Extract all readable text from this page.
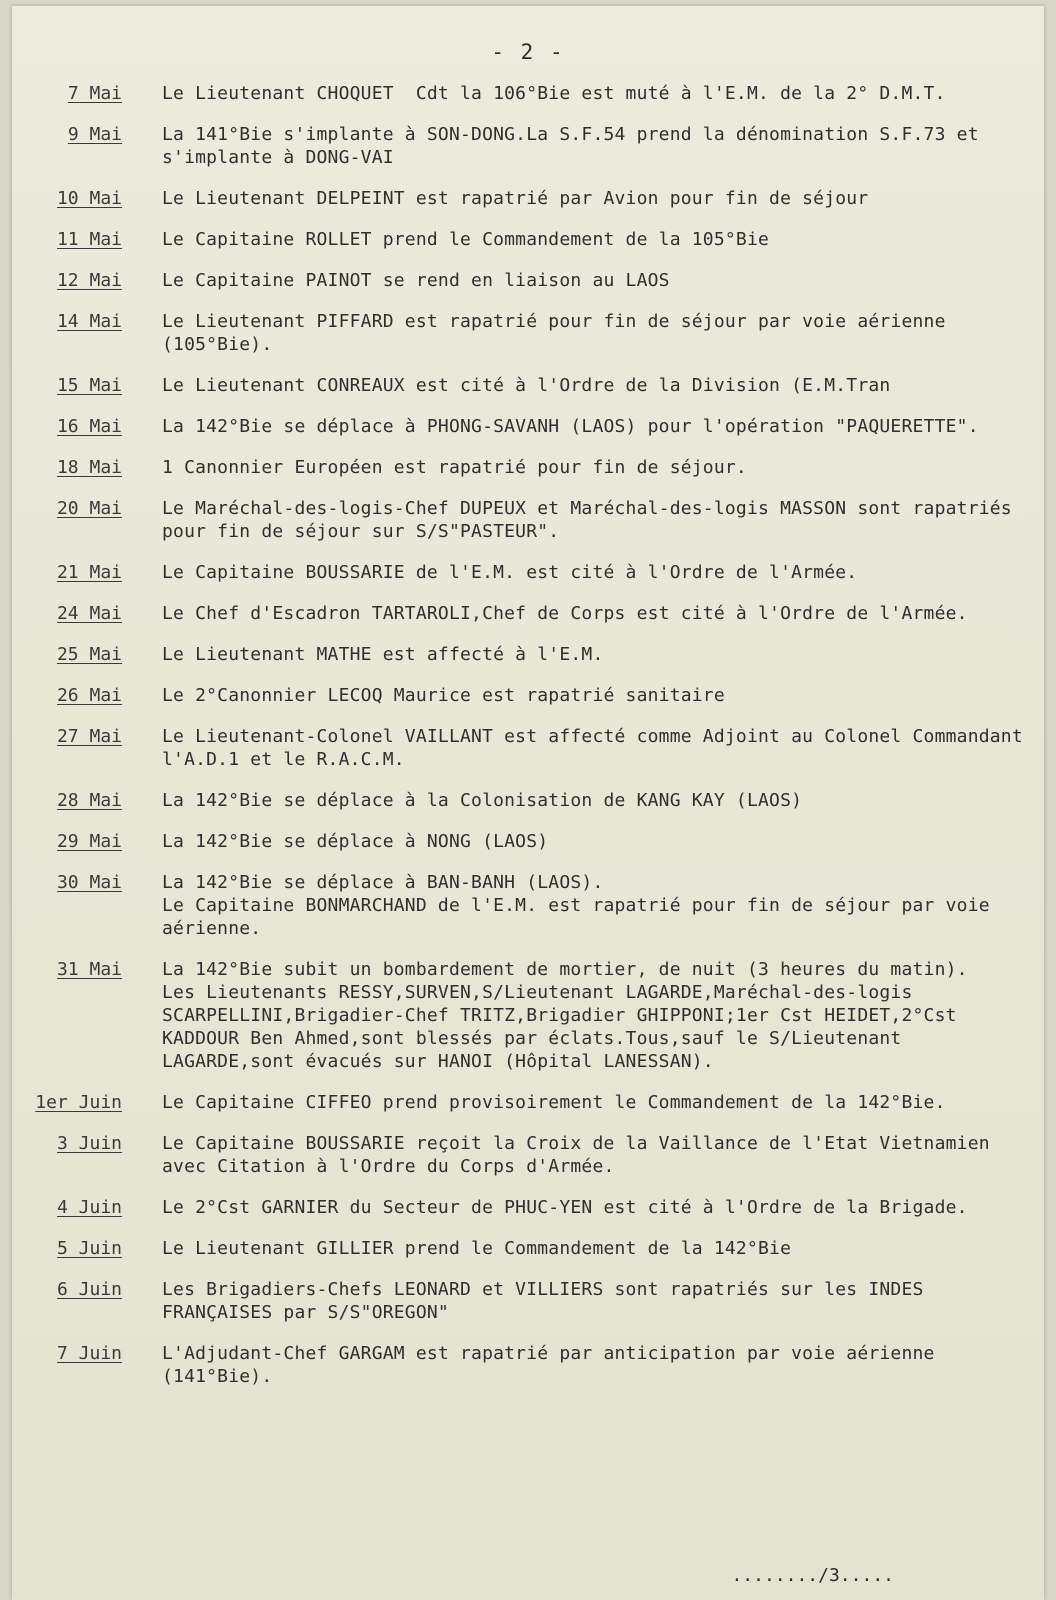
- 2 -
7 Mai	Le Lieutenant CHOQUET  Cdt la 106°Bie est muté à l'E.M. de la 2° D.M.T.
9 Mai	La 141°Bie s'implante à SON-DONG.La S.F.54 prend la dénomination S.F.73 et s'implante à DONG-VAI
10 Mai	Le Lieutenant DELPEINT est rapatrié par Avion pour fin de séjour
11 Mai	Le Capitaine ROLLET prend le Commandement de la 105°Bie
12 Mai	Le Capitaine PAINOT se rend en liaison au LAOS
14 Mai	Le Lieutenant PIFFARD est rapatrié pour fin de séjour par voie aérienne (105°Bie).
15 Mai	Le Lieutenant CONREAUX est cité à l'Ordre de la Division (E.M.Tran
16 Mai	La 142°Bie se déplace à PHONG-SAVANH (LAOS) pour l'opération "PAQUERETTE".
18 Mai	1 Canonnier Européen est rapatrié pour fin de séjour.
20 Mai	Le Maréchal-des-logis-Chef DUPEUX et Maréchal-des-logis MASSON sont rapatriés pour fin de séjour sur S/S"PASTEUR".
21 Mai	Le Capitaine BOUSSARIE de l'E.M. est cité à l'Ordre de l'Armée.
24 Mai	Le Chef d'Escadron TARTAROLI,Chef de Corps est cité à l'Ordre de l'Armée.
25 Mai	Le Lieutenant MATHE est affecté à l'E.M.
26 Mai	Le 2°Canonnier LECOQ Maurice est rapatrié sanitaire
27 Mai	Le Lieutenant-Colonel VAILLANT est affecté comme Adjoint au Colonel Commandant l'A.D.1 et le R.A.C.M.
28 Mai	La 142°Bie se déplace à la Colonisation de KANG KAY (LAOS)
29 Mai	La 142°Bie se déplace à NONG (LAOS)
30 Mai	La 142°Bie se déplace à BAN-BANH (LAOS).
Le Capitaine BONMARCHAND de l'E.M. est rapatrié pour fin de séjour par voie aérienne.
31 Mai	La 142°Bie subit un bombardement de mortier, de nuit (3 heures du matin).
Les Lieutenants RESSY,SURVEN,S/Lieutenant LAGARDE,Maréchal-des-logis SCARPELLINI,Brigadier-Chef TRITZ,Brigadier GHIPPONI;1er Cst HEIDET,2°Cst KADDOUR Ben Ahmed,sont blessés par éclats.Tous,sauf le S/Lieutenant LAGARDE,sont évacués sur HANOI (Hôpital LANESSAN).
1er Juin	Le Capitaine CIFFEO prend provisoirement le Commandement de la 142°Bie.
3 Juin	Le Capitaine BOUSSARIE reçoit la Croix de la Vaillance de l'Etat Vietnamien avec Citation à l'Ordre du Corps d'Armée.
4 Juin	Le 2°Cst GARNIER du Secteur de PHUC-YEN est cité à l'Ordre de la Brigade.
5 Juin	Le Lieutenant GILLIER prend le Commandement de la 142°Bie
6 Juin	Les Brigadiers-Chefs LEONARD et VILLIERS sont rapatriés sur les INDES FRANÇAISES par S/S"OREGON"
7 Juin	L'Adjudant-Chef GARGAM est rapatrié par anticipation par voie aérienne (141°Bie).
......../3.....
